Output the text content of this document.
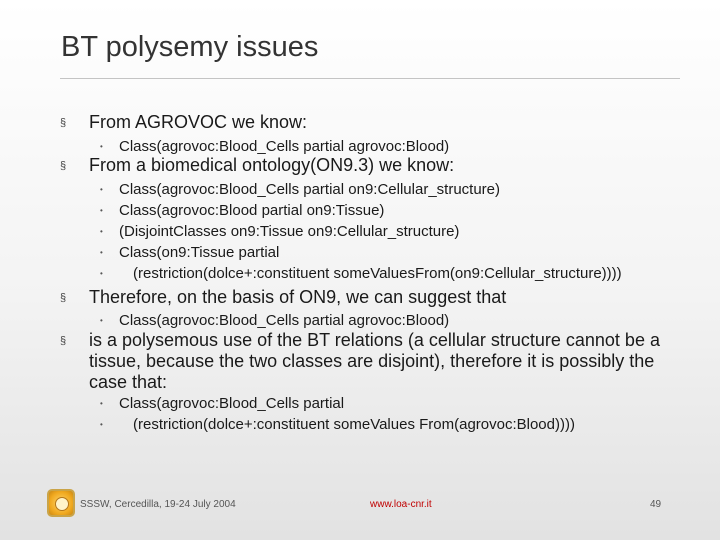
BT polysemy issues
§ From AGROVOC we know:
• Class(agrovoc:Blood_Cells partial agrovoc:Blood)
§ From a biomedical ontology(ON9.3) we know:
• Class(agrovoc:Blood_Cells partial on9:Cellular_structure)
• Class(agrovoc:Blood partial on9:Tissue)
• (DisjointClasses on9:Tissue on9:Cellular_structure)
• Class(on9:Tissue partial
• (restriction(dolce+:constituent someValuesFrom(on9:Cellular_structure))))
§ Therefore, on the basis of ON9, we can suggest that
• Class(agrovoc:Blood_Cells partial agrovoc:Blood)
§ is a polysemous use of the BT relations (a cellular structure cannot be a tissue, because the two classes are disjoint), therefore it is possibly the case that:
• Class(agrovoc:Blood_Cells partial
• (restriction(dolce+:constituent someValues From(agrovoc:Blood))))
SSSW, Cercedilla, 19-24 July 2004	www.loa-cnr.it	49
